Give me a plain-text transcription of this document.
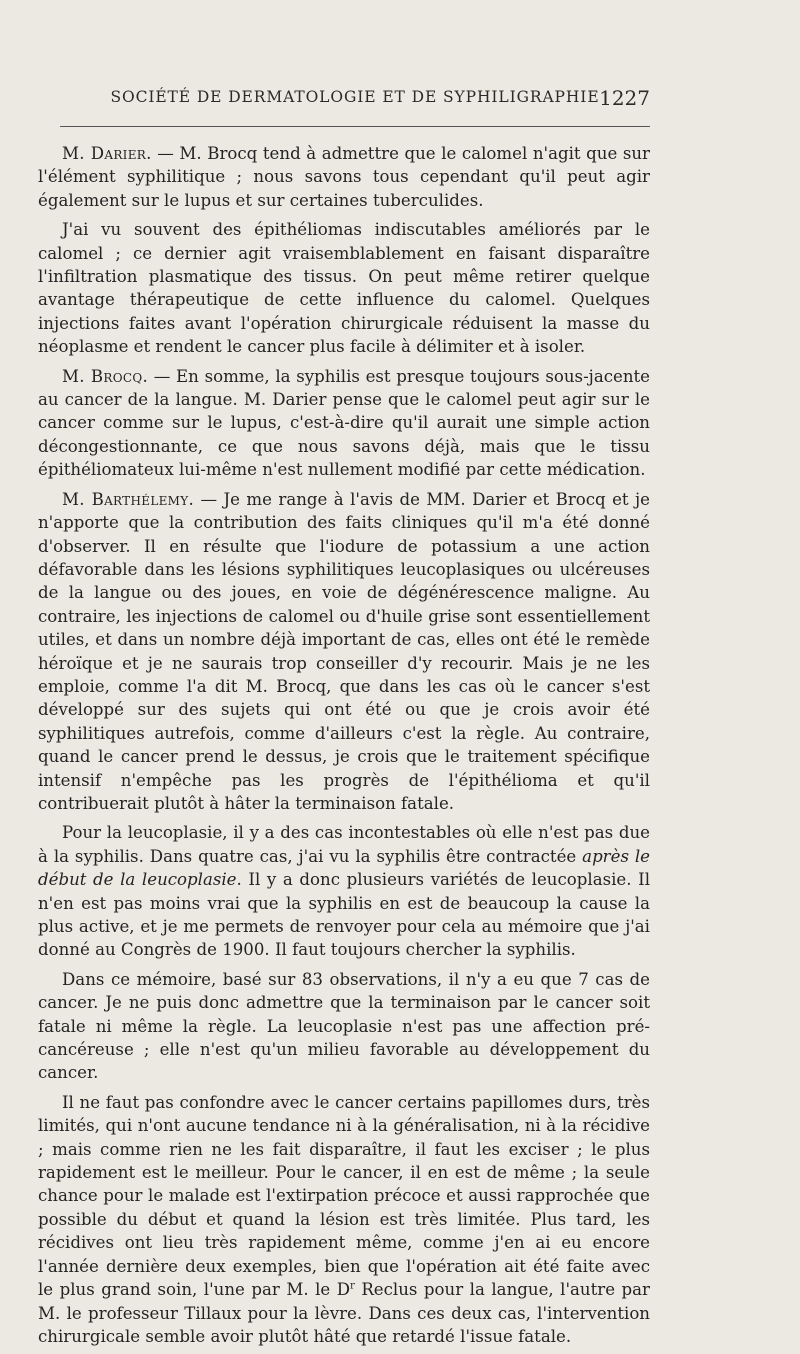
SOCIÉTÉ DE DERMATOLOGIE ET DE SYPHILIGRAPHIE 1227

M. Darier. — M. Brocq tend à admettre que le calomel n'agit que sur l'élément syphilitique ; nous savons tous cependant qu'il peut agir également sur le lupus et sur certaines tuberculides.

J'ai vu souvent des épithéliomas indiscutables améliorés par le calomel ; ce dernier agit vraisemblablement en faisant disparaître l'infiltration plasmatique des tissus. On peut même retirer quelque avantage thérapeutique de cette influence du calomel. Quelques injections faites avant l'opération chirurgicale réduisent la masse du néoplasme et rendent le cancer plus facile à délimiter et à isoler.

M. Brocq. — En somme, la syphilis est presque toujours sous-jacente au cancer de la langue. M. Darier pense que le calomel peut agir sur le cancer comme sur le lupus, c'est-à-dire qu'il aurait une simple action décongestionnante, ce que nous savons déjà, mais que le tissu épithéliomateux lui-même n'est nullement modifié par cette médication.

M. Barthélemy. — Je me range à l'avis de MM. Darier et Brocq et je n'apporte que la contribution des faits cliniques qu'il m'a été donné d'observer. Il en résulte que l'iodure de potassium a une action défavorable dans les lésions syphilitiques leucoplasiques ou ulcéreuses de la langue ou des joues, en voie de dégénérescence maligne. Au contraire, les injections de calomel ou d'huile grise sont essentiellement utiles, et dans un nombre déjà important de cas, elles ont été le remède héroïque et je ne saurais trop conseiller d'y recourir. Mais je ne les emploie, comme l'a dit M. Brocq, que dans les cas où le cancer s'est développé sur des sujets qui ont été ou que je crois avoir été syphilitiques autrefois, comme d'ailleurs c'est la règle. Au contraire, quand le cancer prend le dessus, je crois que le traitement spécifique intensif n'empêche pas les progrès de l'épithélioma et qu'il contribuerait plutôt à hâter la terminaison fatale.

Pour la leucoplasie, il y a des cas incontestables où elle n'est pas due à la syphilis. Dans quatre cas, j'ai vu la syphilis être contractée après le début de la leucoplasie. Il y a donc plusieurs variétés de leucoplasie. Il n'en est pas moins vrai que la syphilis en est de beaucoup la cause la plus active, et je me permets de renvoyer pour cela au mémoire que j'ai donné au Congrès de 1900. Il faut toujours chercher la syphilis.

Dans ce mémoire, basé sur 83 observations, il n'y a eu que 7 cas de cancer. Je ne puis donc admettre que la terminaison par le cancer soit fatale ni même la règle. La leucoplasie n'est pas une affection pré-cancéreuse ; elle n'est qu'un milieu favorable au développement du cancer.

Il ne faut pas confondre avec le cancer certains papillomes durs, très limités, qui n'ont aucune tendance ni à la généralisation, ni à la récidive ; mais comme rien ne les fait disparaître, il faut les exciser ; le plus rapidement est le meilleur. Pour le cancer, il en est de même ; la seule chance pour le malade est l'extirpation précoce et aussi rapprochée que possible du début et quand la lésion est très limitée. Plus tard, les récidives ont lieu très rapidement même, comme j'en ai eu encore l'année dernière deux exemples, bien que l'opération ait été faite avec le plus grand soin, l'une par M. le $D^r$ Reclus pour la langue, l'autre par M. le professeur Tillaux pour la lèvre. Dans ces deux cas, l'intervention chirurgicale semble avoir plutôt hâté que retardé l'issue fatale.
